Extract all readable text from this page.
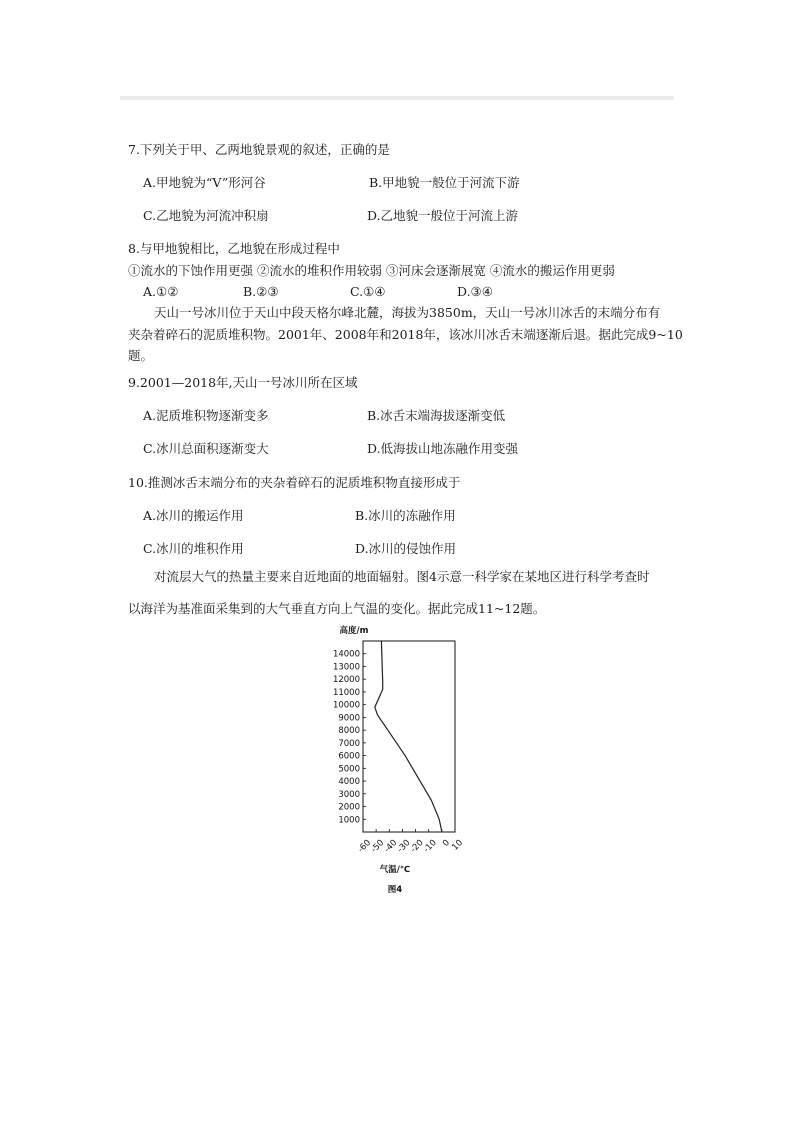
7.下列关于甲、乙两地貌景观的叙述，正确的是
A.甲地貌为“V”形河谷	B.甲地貌一般位于河流下游
C.乙地貌为河流冲积扇	D.乙地貌一般位于河流上游
8.与甲地貌相比，乙地貌在形成过程中
①流水的下蚀作用更强 ②流水的堆积作用较弱 ③河床会逐渐展宽 ④流水的搬运作用更弱
A.①②	B.②③	C.①④	D.③④
天山一号冰川位于天山中段天格尔峰北麓，海拔为3850m，天山一号冰川冰舌的末端分布有
夹杂着碎石的泥质堆积物。2001年、2008年和2018年，该冰川冰舌末端逐渐后退。据此完成9~10
题。
9.2001—2018年,天山一号冰川所在区域
A.泥质堆积物逐渐变多	B.冰舌末端海拔逐渐变低
C.冰川总面积逐渐变大	D.低海拔山地冻融作用变强
10.推测冰舌末端分布的夹杂着碎石的泥质堆积物直接形成于
A.冰川的搬运作用	B.冰川的冻融作用
C.冰川的堆积作用	D.冰川的侵蚀作用
对流层大气的热量主要来自近地面的地面辐射。图4示意一科学家在某地区进行科学考查时
以海洋为基准面采集到的大气垂直方向上气温的变化。据此完成11~12题。
高度/m
1000
2000
3000
4000
5000
6000
7000
8000
9000
10000
11000
12000
13000
14000
-60
-50
-40
-30
-20
-10 0
10
气温/℃
图4
